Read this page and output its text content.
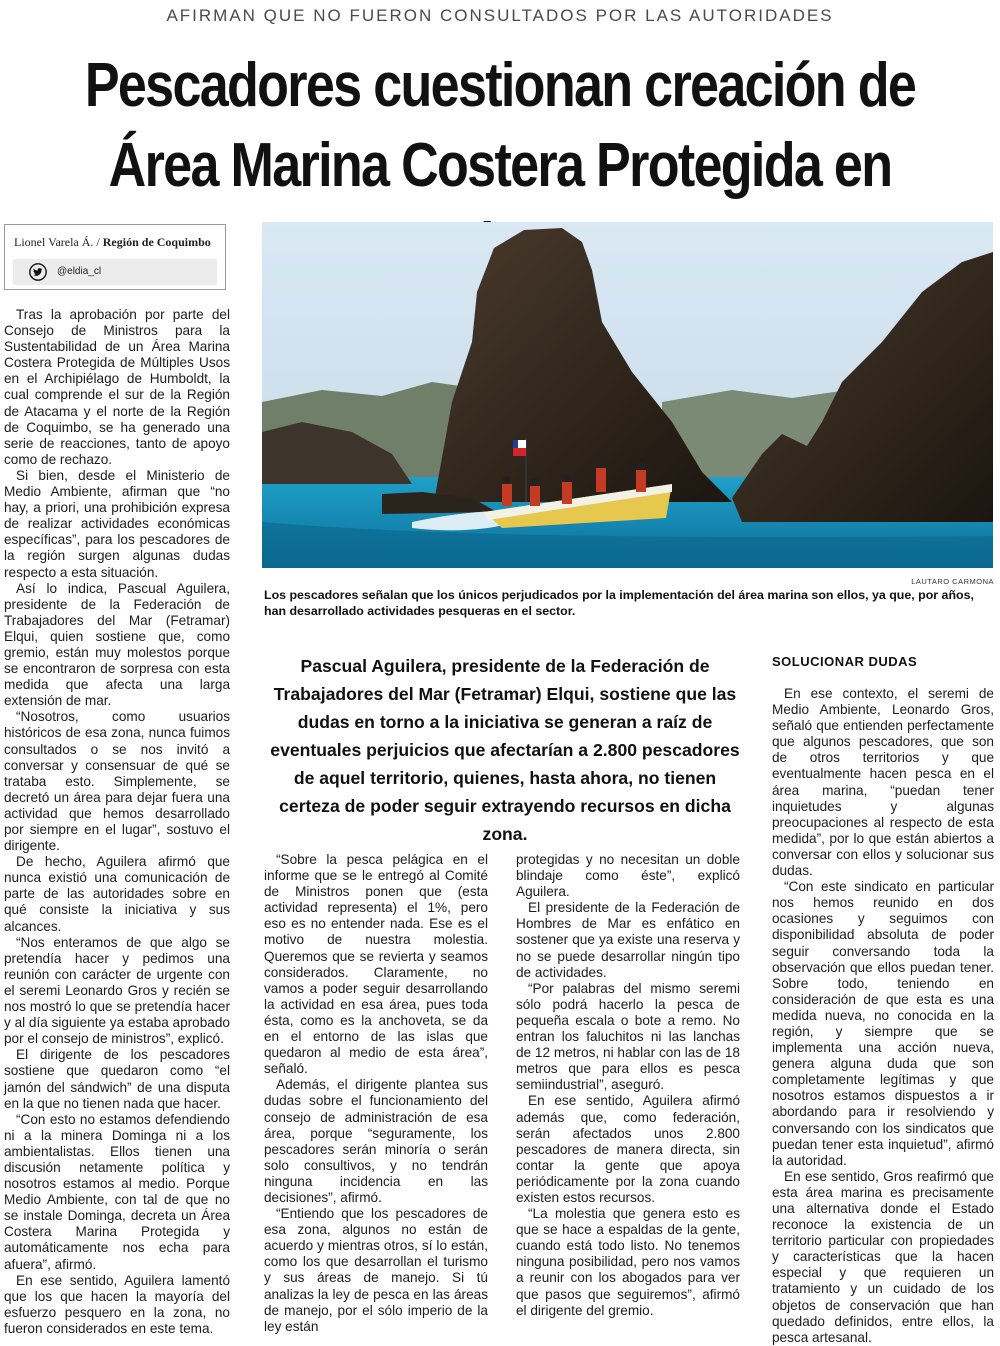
AFIRMAN QUE NO FUERON CONSULTADOS POR LAS AUTORIDADES
Pescadores cuestionan creación de Área Marina Costera Protegida en
Lionel Varela Á. / Región de Coquimbo
@eldia_cl

Tras la aprobación por parte del Consejo de Ministros para la Sustentabilidad de un Área Marina Costera Protegida de Múltiples Usos en el Archipiélago de Humboldt, la cual comprende el sur de la Región de Atacama y el norte de la Región de Coquimbo, se ha generado una serie de reacciones, tanto de apoyo como de rechazo.

Si bien, desde el Ministerio de Medio Ambiente, afirman que “no hay, a priori, una prohibición expresa de realizar actividades económicas específicas”, para los pescadores de la región surgen algunas dudas respecto a esta situación.

Así lo indica, Pascual Aguilera, presidente de la Federación de Trabajadores del Mar (Fetramar) Elqui, quien sostiene que, como gremio, están muy molestos porque se encontraron de sorpresa con esta medida que afecta una larga extensión de mar.

“Nosotros, como usuarios históricos de esa zona, nunca fuimos consultados o se nos invitó a conversar y consensuar de qué se trataba esto. Simplemente, se decretó un área para dejar fuera una actividad que hemos desarrollado por siempre en el lugar”, sostuvo el dirigente.

De hecho, Aguilera afirmó que nunca existió una comunicación de parte de las autoridades sobre en qué consiste la iniciativa y sus alcances.

“Nos enteramos de que algo se pretendía hacer y pedimos una reunión con carácter de urgente con el seremi Leonardo Gros y recién se nos mostró lo que se pretendía hacer y al día siguiente ya estaba aprobado por el consejo de ministros”, explicó.

El dirigente de los pescadores sostiene que quedaron como “el jamón del sándwich” de una disputa en la que no tienen nada que hacer.

“Con esto no estamos defendiendo ni a la minera Dominga ni a los ambientalistas. Ellos tienen una discusión netamente política y nosotros estamos al medio. Porque Medio Ambiente, con tal de que no se instale Dominga, decreta un Área Costera Marina Protegida y automáticamente nos echa para afuera”, afirmó.

En ese sentido, Aguilera lamentó que los que hacen la mayoría del esfuerzo pesquero en la zona, no fueron considerados en este tema.

LAUTARO CARMONA

Los pescadores señalan que los únicos perjudicados por la implementación del área marina son ellos, ya que, por años, han desarrollado actividades pesqueras en el sector.

Pascual Aguilera, presidente de la Federación de Trabajadores del Mar (Fetramar) Elqui, sostiene que las dudas en torno a la iniciativa se generan a raíz de eventuales perjuicios que afectarían a 2.800 pescadores de aquel territorio, quienes, hasta ahora, no tienen certeza de poder seguir extrayendo recursos en dicha zona.

SOLUCIONAR DUDAS

“Sobre la pesca pelágica en el informe que se le entregó al Comité de Ministros ponen que (esta actividad representa) el 1%, pero eso es no entender nada. Ese es el motivo de nuestra molestia. Queremos que se revierta y seamos considerados. Claramente, no vamos a poder seguir desarrollando la actividad en esa área, pues toda ésta, como es la anchoveta, se da en el entorno de las islas que quedaron al medio de esta área”, señaló.

Además, el dirigente plantea sus dudas sobre el funcionamiento del consejo de administración de esa área, porque “seguramente, los pescadores serán minoría o serán solo consultivos, y no tendrán ninguna incidencia en las decisiones”, afirmó.

“Entiendo que los pescadores de esa zona, algunos no están de acuerdo y mientras otros, sí lo están, como los que desarrollan el turismo y sus áreas de manejo. Si tú analizas la ley de pesca en las áreas de manejo, por el sólo imperio de la ley están

protegidas y no necesitan un doble blindaje como éste”, explicó Aguilera.

El presidente de la Federación de Hombres de Mar es enfático en sostener que ya existe una reserva y no se puede desarrollar ningún tipo de actividades.

“Por palabras del mismo seremi sólo podrá hacerlo la pesca de pequeña escala o bote a remo. No entran los faluchitos ni las lanchas de 12 metros, ni hablar con las de 18 metros que para ellos es pesca semiindustrial”, aseguró.

En ese sentido, Aguilera afirmó además que, como federación, serán afectados unos 2.800 pescadores de manera directa, sin contar la gente que apoya periódicamente por la zona cuando existen estos recursos.

“La molestia que genera esto es que se hace a espaldas de la gente, cuando está todo listo. No tenemos ninguna posibilidad, pero nos vamos a reunir con los abogados para ver que pasos que seguiremos”, afirmó el dirigente del gremio.

En ese contexto, el seremi de Medio Ambiente, Leonardo Gros, señaló que entienden perfectamente que algunos pescadores, que son de otros territorios y que eventualmente hacen pesca en el área marina, “puedan tener inquietudes y algunas preocupaciones al respecto de esta medida”, por lo que están abiertos a conversar con ellos y solucionar sus dudas.

“Con este sindicato en particular nos hemos reunido en dos ocasiones y seguimos con disponibilidad absoluta de poder seguir conversando toda la observación que ellos puedan tener. Sobre todo, teniendo en consideración de que esta es una medida nueva, no conocida en la región, y siempre que se implementa una acción nueva, genera alguna duda que son completamente legítimas y que nosotros estamos dispuestos a ir abordando para ir resolviendo y conversando con los sindicatos que puedan tener esta inquietud”, afirmó la autoridad.

En ese sentido, Gros reafirmó que esta área marina es precisamente una alternativa donde el Estado reconoce la existencia de un territorio particular con propiedades y características que la hacen especial y que requieren un tratamiento y un cuidado de los objetos de conservación que han quedado definidos, entre ellos, la pesca artesanal.
